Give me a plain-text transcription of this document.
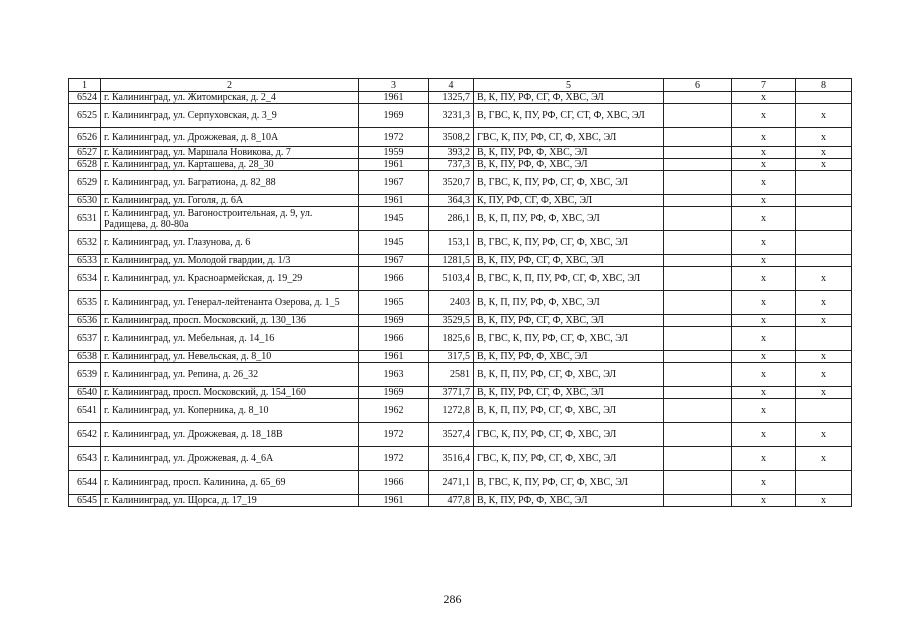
1	2	3	4	5	6	7	8
6524	г. Калининград, ул. Житомирская, д. 2_4	1961	1325,7	В, К, ПУ, РФ, СГ, Ф, ХВС, ЭЛ		х	
6525	г. Калининград, ул. Серпуховская, д. 3_9	1969	3231,3	В, ГВС, К, ПУ, РФ, СГ, СТ, Ф, ХВС, ЭЛ		х	х
6526	г. Калининград, ул. Дрожжевая, д. 8_10А	1972	3508,2	ГВС, К, ПУ, РФ, СГ, Ф, ХВС, ЭЛ		х	х
6527	г. Калининград, ул. Маршала Новикова, д. 7	1959	393,2	В, К, ПУ, РФ, Ф, ХВС, ЭЛ		х	х
6528	г. Калининград, ул. Карташева, д. 28_30	1961	737,3	В, К, ПУ, РФ, Ф, ХВС, ЭЛ		х	х
6529	г. Калининград, ул. Багратиона, д. 82_88	1967	3520,7	В, ГВС, К, ПУ, РФ, СГ, Ф, ХВС, ЭЛ		х	
6530	г. Калининград, ул. Гоголя, д. 6А	1961	364,3	К, ПУ, РФ, СГ, Ф, ХВС, ЭЛ		х	
6531	г. Калининград, ул. Вагоностроительная, д. 9, ул. Радищева, д. 80-80а	1945	286,1	В, К, П, ПУ, РФ, Ф, ХВС, ЭЛ		х	
6532	г. Калининград, ул. Глазунова, д. 6	1945	153,1	В, ГВС, К, ПУ, РФ, СГ, Ф, ХВС, ЭЛ		х	
6533	г. Калининград, ул. Молодой гвардии, д. 1/3	1967	1281,5	В, К, ПУ, РФ, СГ, Ф, ХВС, ЭЛ		х	
6534	г. Калининград, ул. Красноармейская, д. 19_29	1966	5103,4	В, ГВС, К, П, ПУ, РФ, СГ, Ф, ХВС, ЭЛ		х	х
6535	г. Калининград, ул. Генерал-лейтенанта Озерова, д. 1_5	1965	2403	В, К, П, ПУ, РФ, Ф, ХВС, ЭЛ		х	х
6536	г. Калининград, просп. Московский, д. 130_136	1969	3529,5	В, К, ПУ, РФ, СГ, Ф, ХВС, ЭЛ		х	х
6537	г. Калининград, ул. Мебельная, д. 14_16	1966	1825,6	В, ГВС, К, ПУ, РФ, СГ, Ф, ХВС, ЭЛ		х	
6538	г. Калининград, ул. Невельская, д. 8_10	1961	317,5	В, К, ПУ, РФ, Ф, ХВС, ЭЛ		х	х
6539	г. Калининград, ул. Репина, д. 26_32	1963	2581	В, К, П, ПУ, РФ, СГ, Ф, ХВС, ЭЛ		х	х
6540	г. Калининград, просп. Московский, д. 154_160	1969	3771,7	В, К, ПУ, РФ, СГ, Ф, ХВС, ЭЛ		х	х
6541	г. Калининград, ул. Коперника, д. 8_10	1962	1272,8	В, К, П, ПУ, РФ, СГ, Ф, ХВС, ЭЛ		х	
6542	г. Калининград, ул. Дрожжевая, д. 18_18В	1972	3527,4	ГВС, К, ПУ, РФ, СГ, Ф, ХВС, ЭЛ		х	х
6543	г. Калининград, ул. Дрожжевая, д. 4_6А	1972	3516,4	ГВС, К, ПУ, РФ, СГ, Ф, ХВС, ЭЛ		х	х
6544	г. Калининград, просп. Калинина, д. 65_69	1966	2471,1	В, ГВС, К, ПУ, РФ, СГ, Ф, ХВС, ЭЛ		х	
6545	г. Калининград, ул. Щорса, д. 17_19	1961	477,8	В, К, ПУ, РФ, Ф, ХВС, ЭЛ		х	х
286
